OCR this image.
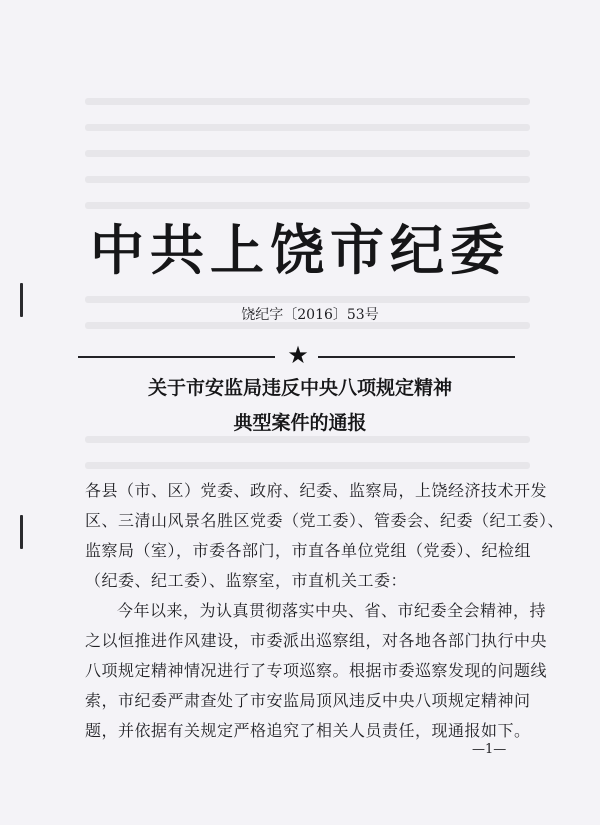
中共上饶市纪委
饶纪字〔2016〕53号
★
关于市安监局违反中央八项规定精神
典型案件的通报
各县（市、区）党委、政府、纪委、监察局，上饶经济技术开发
区、三清山风景名胜区党委（党工委）、管委会、纪委（纪工委）、
监察局（室），市委各部门，市直各单位党组（党委）、纪检组
（纪委、纪工委）、监察室，市直机关工委：
今年以来，为认真贯彻落实中央、省、市纪委全会精神，持
之以恒推进作风建设，市委派出巡察组，对各地各部门执行中央
八项规定精神情况进行了专项巡察。根据市委巡察发现的问题线
索，市纪委严肃查处了市安监局顶风违反中央八项规定精神问
题，并依据有关规定严格追究了相关人员责任，现通报如下。
—1—
